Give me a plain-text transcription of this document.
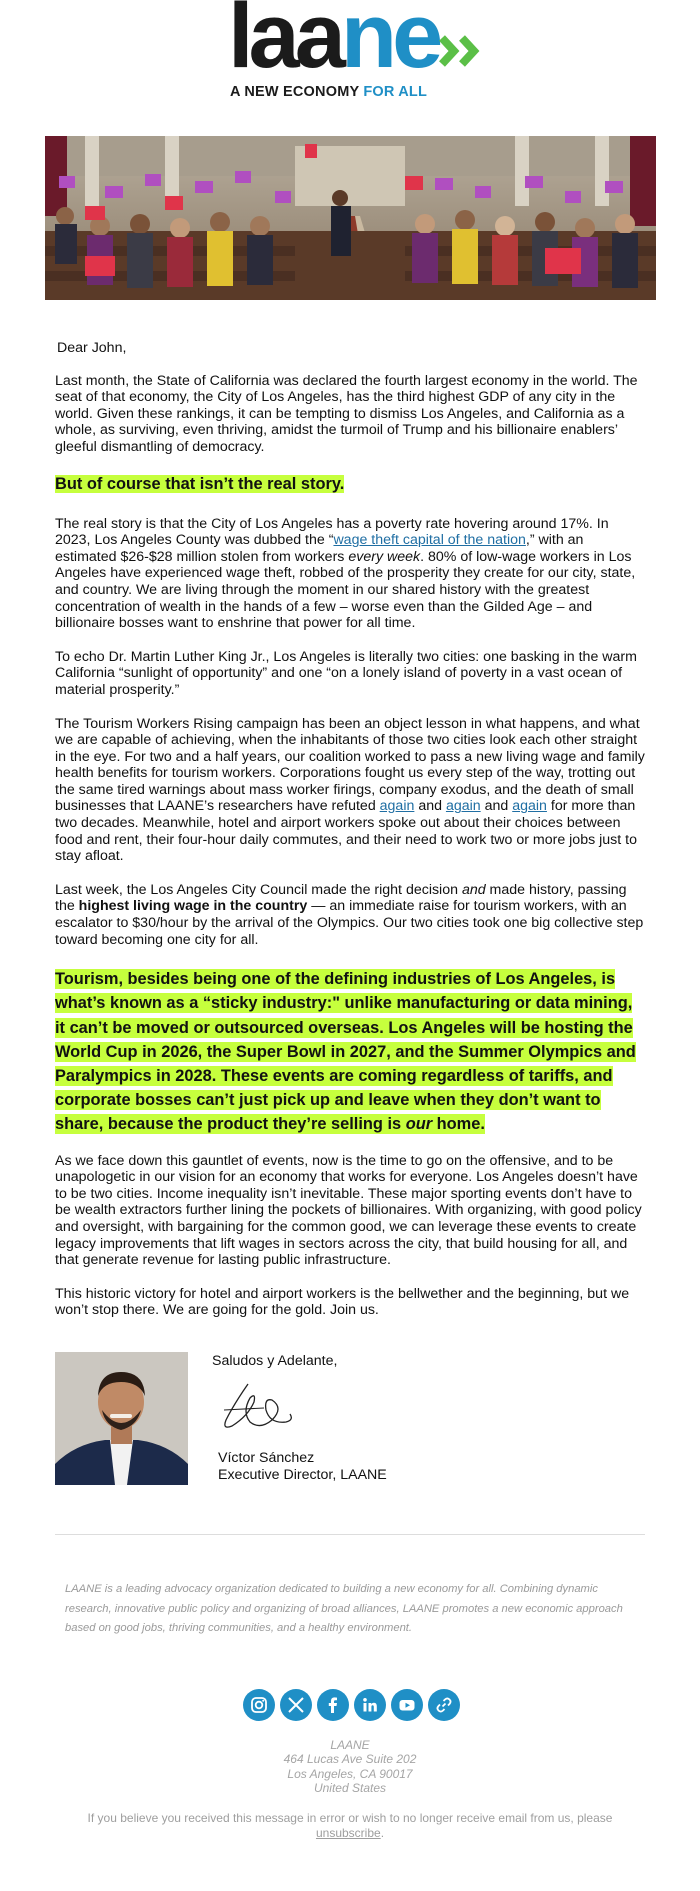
laane
A NEW ECONOMY FOR ALL

Dear John,

Last month, the State of California was declared the fourth largest economy in the world. The seat of that economy, the City of Los Angeles, has the third highest GDP of any city in the world. Given these rankings, it can be tempting to dismiss Los Angeles, and California as a whole, as surviving, even thriving, amidst the turmoil of Trump and his billionaire enablers’ gleeful dismantling of democracy.

But of course that isn’t the real story.

The real story is that the City of Los Angeles has a poverty rate hovering around 17%. In 2023, Los Angeles County was dubbed the “wage theft capital of the nation,” with an estimated $26-$28 million stolen from workers every week. 80% of low-wage workers in Los Angeles have experienced wage theft, robbed of the prosperity they create for our city, state, and country. We are living through the moment in our shared history with the greatest concentration of wealth in the hands of a few – worse even than the Gilded Age – and billionaire bosses want to enshrine that power for all time.

To echo Dr. Martin Luther King Jr., Los Angeles is literally two cities: one basking in the warm California “sunlight of opportunity” and one “on a lonely island of poverty in a vast ocean of material prosperity.”

The Tourism Workers Rising campaign has been an object lesson in what happens, and what we are capable of achieving, when the inhabitants of those two cities look each other straight in the eye. For two and a half years, our coalition worked to pass a new living wage and family health benefits for tourism workers. Corporations fought us every step of the way, trotting out the same tired warnings about mass worker firings, company exodus, and the death of small businesses that LAANE’s researchers have refuted again and again and again for more than two decades. Meanwhile, hotel and airport workers spoke out about their choices between food and rent, their four-hour daily commutes, and their need to work two or more jobs just to stay afloat.

Last week, the Los Angeles City Council made the right decision and made history, passing the highest living wage in the country — an immediate raise for tourism workers, with an escalator to $30/hour by the arrival of the Olympics. Our two cities took one big collective step toward becoming one city for all.

Tourism, besides being one of the defining industries of Los Angeles, is what’s known as a “sticky industry:" unlike manufacturing or data mining, it can’t be moved or outsourced overseas. Los Angeles will be hosting the World Cup in 2026, the Super Bowl in 2027, and the Summer Olympics and Paralympics in 2028. These events are coming regardless of tariffs, and corporate bosses can’t just pick up and leave when they don’t want to share, because the product they’re selling is our home.

As we face down this gauntlet of events, now is the time to go on the offensive, and to be unapologetic in our vision for an economy that works for everyone. Los Angeles doesn’t have to be two cities. Income inequality isn’t inevitable. These major sporting events don’t have to be wealth extractors further lining the pockets of billionaires. With organizing, with good policy and oversight, with bargaining for the common good, we can leverage these events to create legacy improvements that lift wages in sectors across the city, that build housing for all, and that generate revenue for lasting public infrastructure.

This historic victory for hotel and airport workers is the bellwether and the beginning, but we won’t stop there. We are going for the gold. Join us.

Saludos y Adelante,
Víctor Sánchez
Executive Director, LAANE
LAANE is a leading advocacy organization dedicated to building a new economy for all. Combining dynamic research, innovative public policy and organizing of broad alliances, LAANE promotes a new economic approach based on good jobs, thriving communities, and a healthy environment.
LAANE
464 Lucas Ave Suite 202
Los Angeles, CA 90017
United States
If you believe you received this message in error or wish to no longer receive email from us, please unsubscribe.
